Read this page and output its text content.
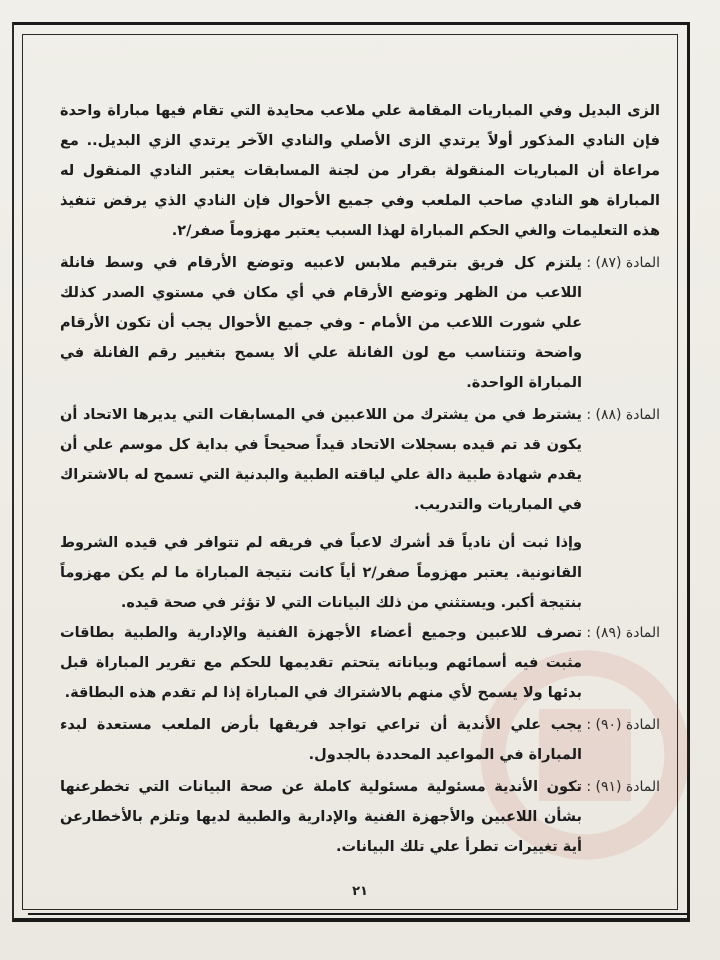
الزى البديل وفي المباريات المقامة علي ملاعب محايدة التي تقام فيها مباراة واحدة فإن النادي المذكور أولاً يرتدي الزى الأصلي والنادي الآخر يرتدي الزي البديل.. مع مراعاة أن المباريات المنقولة بقرار من لجنة المسابقات يعتبر النادي المنقول له المباراة هو النادي صاحب الملعب وفي جميع الأحوال فإن النادي الذي يرفض تنفيذ هذه التعليمات والغي الحكم المباراة لهذا السبب يعتبر مهزوماً صفر/٢.

المادة (٨٧) :
يلتزم كل فريق بترقيم ملابس لاعبيه وتوضع الأرقام في وسط فانلة اللاعب من الظهر وتوضع الأرقام في أي مكان في مستوي الصدر كذلك علي شورت اللاعب من الأمام - وفي جميع الأحوال يجب أن تكون الأرقام واضحة وتتناسب مع لون الفانلة علي ألا يسمح بتغيير رقم الفانلة في المباراة الواحدة.
المادة (٨٨) :
يشترط في من يشترك من اللاعبين في المسابقات التي يديرها الاتحاد أن يكون قد تم قيده بسجلات الاتحاد قيداً صحيحاً في بداية كل موسم علي أن يقدم شهادة طبية دالة علي لياقته الطبية والبدنية التي تسمح له بالاشتراك في المباريات والتدريب.

وإذا ثبت أن نادياً قد أشرك لاعباً في فريقه لم تتوافر في قيده الشروط القانونية. يعتبر مهزوماً صفر/٢ أياً كانت نتيجة المباراة ما لم يكن مهزوماً بنتيجة أكبر. ويستثني من ذلك البيانات التي لا تؤثر في صحة قيده.

المادة (٨٩) :
تصرف للاعبين وجميع أعضاء الأجهزة الفنية والإدارية والطبية بطاقات مثبت فيه أسمائهم وبياناته يتحتم تقديمها للحكم مع تقرير المباراة قبل بدئها ولا يسمح لأي منهم بالاشتراك في المباراة إذا لم تقدم هذه البطاقة.
المادة (٩٠) :
يجب علي الأندية أن تراعي تواجد فريقها بأرض الملعب مستعدة لبدء المباراة في المواعيد المحددة بالجدول.
المادة (٩١) :
تكون الأندية مسئولية مسئولية كاملة عن صحة البيانات التي تخطرعنها بشأن اللاعبين والأجهزة الفنية والإدارية والطبية لديها وتلزم بالأخطارعن أية تغييرات تطرأ علي تلك البيانات.
٢١
